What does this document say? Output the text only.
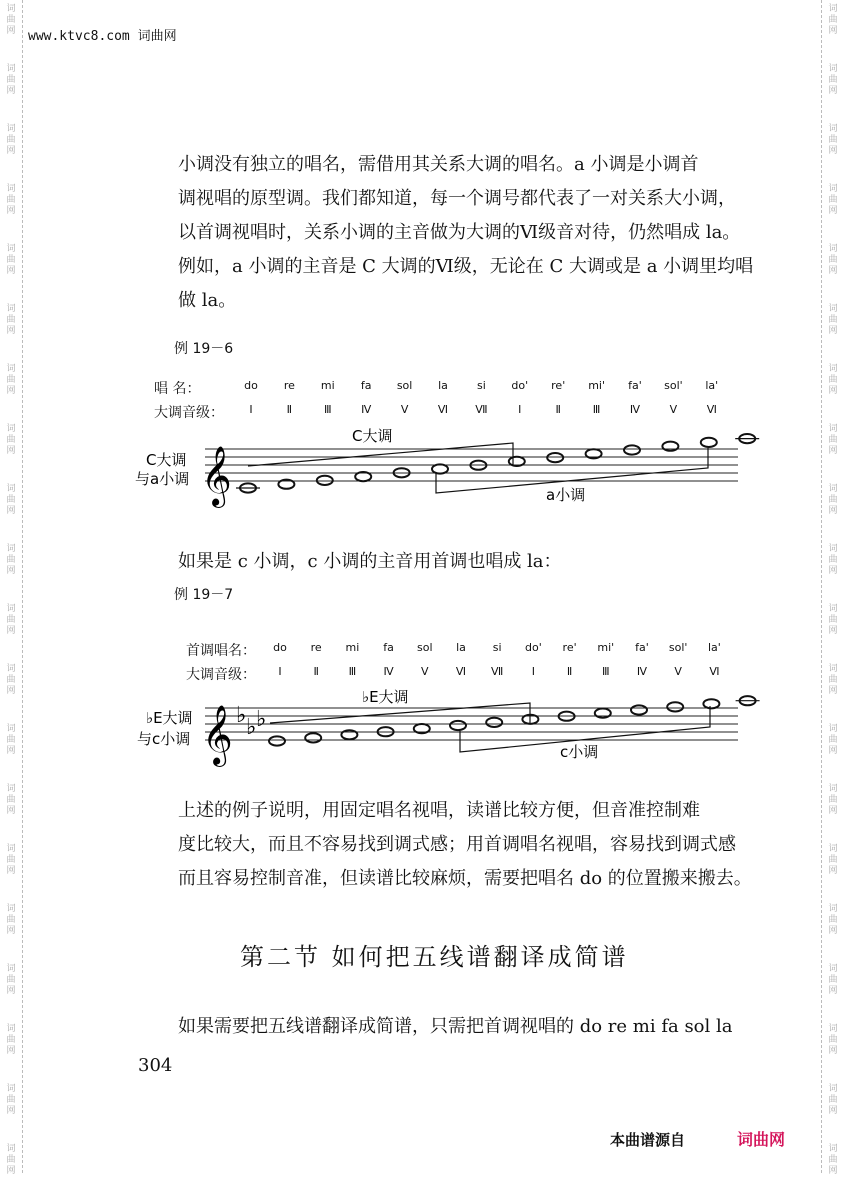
词曲网
词曲网
词曲网
词曲网
词曲网
词曲网
词曲网
词曲网
词曲网
词曲网
词曲网
词曲网
词曲网
词曲网
词曲网
词曲网
词曲网
词曲网
词曲网
词曲网
词曲网
词曲网
词曲网
词曲网
词曲网
词曲网
词曲网
词曲网
词曲网
词曲网
词曲网
词曲网
词曲网
词曲网
词曲网
词曲网
词曲网
词曲网
词曲网
词曲网
www.ktvc8.com 词曲网
小调没有独立的唱名，需借用其关系大调的唱名。a 小调是小调首
调视唱的原型调。我们都知道，每一个调号都代表了一对关系大小调，
以首调视唱时，关系小调的主音做为大调的Ⅵ级音对待，仍然唱成 la。
例如，a 小调的主音是 C 大调的Ⅵ级，无论在 C 大调或是 a 小调里均唱
做 la。
例 19－6
唱 名：	do	re	mi	fa	sol	la	si	do'	re'	mi'	fa'	sol'	la'
大调音级：	Ⅰ	Ⅱ	Ⅲ	Ⅳ	Ⅴ	Ⅵ	Ⅶ	Ⅰ	Ⅱ	Ⅲ	Ⅳ	Ⅴ	Ⅵ
如果是 c 小调，c 小调的主音用首调也唱成 la：
例 19－7
首调唱名：	do	re	mi	fa	sol	la	si	do'	re'	mi'	fa'	sol'	la'
大调音级：	Ⅰ	Ⅱ	Ⅲ	Ⅳ	Ⅴ	Ⅵ	Ⅶ	Ⅰ	Ⅱ	Ⅲ	Ⅳ	Ⅴ	Ⅵ
𝄞
C大调
a小调
C大调
与a小调
𝄞 ♭ ♭ ♭
♭E大调
c小调
♭E大调
与c小调
上述的例子说明，用固定唱名视唱，读谱比较方便，但音准控制难
度比较大，而且不容易找到调式感；用首调唱名视唱，容易找到调式感
而且容易控制音准，但读谱比较麻烦，需要把唱名 do 的位置搬来搬去。
第二节 如何把五线谱翻译成简谱
如果需要把五线谱翻译成简谱，只需把首调视唱的 do re mi fa sol la
304
本曲谱源自	词曲网
